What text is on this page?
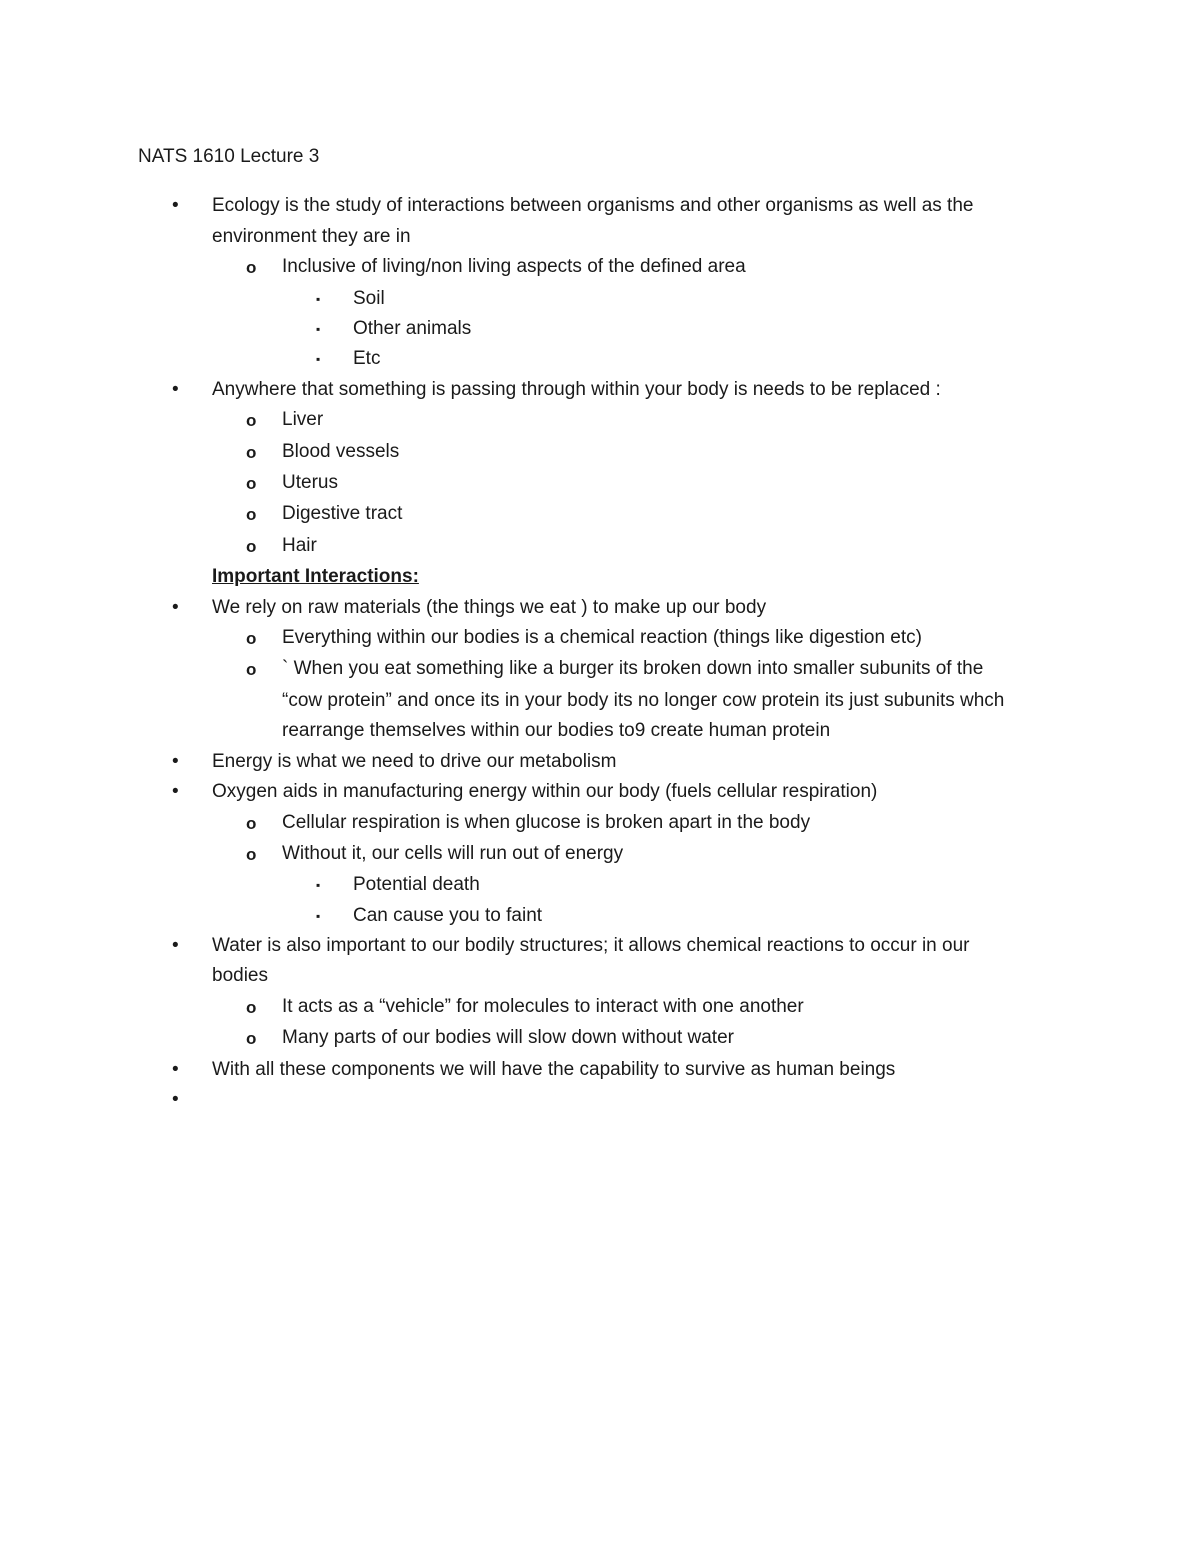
NATS 1610 Lecture 3
• Ecology is the study of interactions between organisms and other organisms as well as the
environment they are in
o Inclusive of living/non living aspects of the defined area
▪ Soil
▪ Other animals
▪ Etc
• Anywhere that something is passing through within your body is needs to be replaced :
o Liver
o Blood vessels
o Uterus
o Digestive tract
o Hair
Important Interactions:
• We rely on raw materials (the things we eat ) to make up our body
o Everything within our bodies is a chemical reaction (things like digestion etc)
o ` When you eat something like a burger its broken down into smaller subunits of the
“cow protein” and once its in your body its no longer cow protein its just subunits whch
rearrange themselves within our bodies to9 create human protein
• Energy is what we need to drive our metabolism
• Oxygen aids in manufacturing energy within our body (fuels cellular respiration)
o Cellular respiration is when glucose is broken apart in the body
o Without it, our cells will run out of energy
▪ Potential death
▪ Can cause you to faint
• Water is also important to our bodily structures; it allows chemical reactions to occur in our
bodies
o It acts as a “vehicle” for molecules to interact with one another
o Many parts of our bodies will slow down without water
• With all these components we will have the capability to survive as human beings
•
